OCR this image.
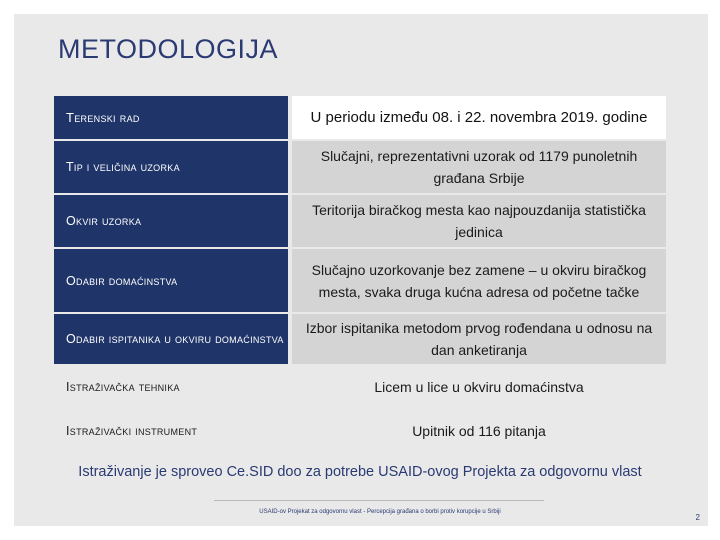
METODOLOGIJA
Terenski rad		U periodu između 08. i 22. novembra 2019. godine
Tip i veličina uzorka		Slučajni, reprezentativni uzorak od 1179 punoletnih građana Srbije
Okvir uzorka		Teritorija biračkog mesta kao najpouzdanija statistička jedinica
Odabir domaćinstva		Slučajno uzorkovanje bez zamene – u okviru biračkog mesta, svaka druga kućna adresa od početne tačke
Odabir ispitanika u okviru domaćinstva		Izbor ispitanika metodom prvog rođendana u odnosu na dan anketiranja
Istraživačka tehnika		Licem u lice u okviru domaćinstva
Istraživački instrument		Upitnik od 116 pitanja
Istraživanje je sproveo Ce.SID doo za potrebe USAID-ovog Projekta za odgovornu vlast
USAID-ov Projekat za odgovornu vlast - Percepcija građana o borbi protiv korupcije u Srbiji
2
